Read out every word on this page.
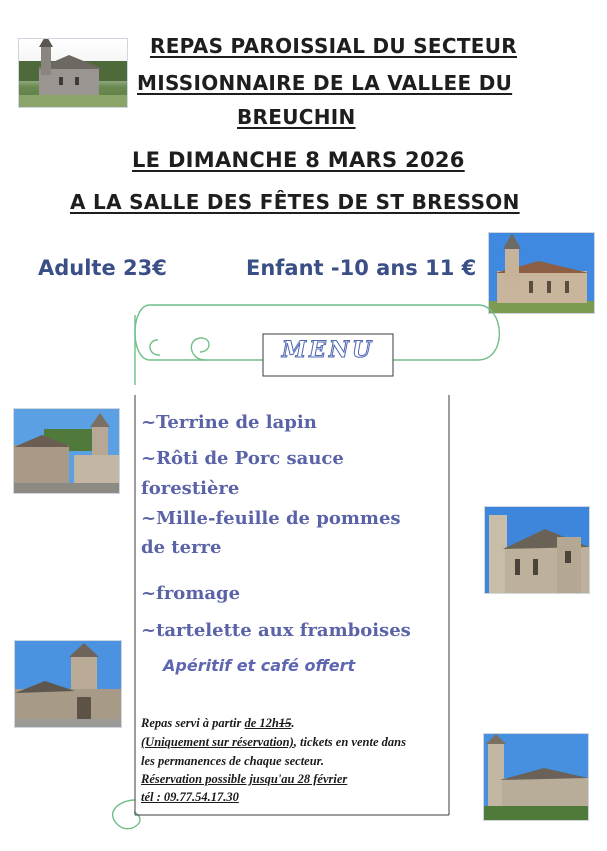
REPAS PAROISSIAL DU SECTEUR
MISSIONNAIRE DE LA VALLEE DU
BREUCHIN
LE DIMANCHE 8 MARS 2026
A LA SALLE DES FÊTES DE ST BRESSON
Adulte 23€	Enfant -10 ans 11 €
MENU
~Terrine de lapin
~Rôti de Porc sauce
forestière
~Mille-feuille de pommes
de terre
~fromage
~tartelette aux framboises
Apéritif et café offert
Repas servi à partir de 12h15.
(Uniquement sur réservation), tickets en vente dans
les permanences de chaque secteur.
Réservation possible jusqu'au 28 février
tél : 09.77.54.17.30
